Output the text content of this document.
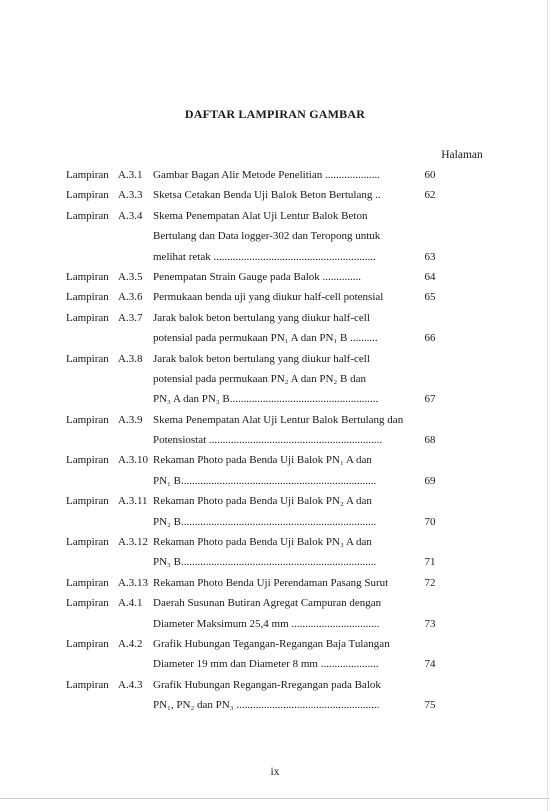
DAFTAR LAMPIRAN GAMBAR
Halaman
Lampiran A.3.1 Gambar Bagan Alir Metode Penelitian ....................	60
Lampiran A.3.3 Sketsa Cetakan Benda Uji Balok Beton Bertulang ..	62
Lampiran A.3.4 Skema Penempatan Alat Uji Lentur Balok Beton
Bertulang dan Data logger-302 dan Teropong untuk
melihat retak ...........................................................	63
Lampiran A.3.5 Penempatan Strain Gauge pada Balok ..............	64
Lampiran A.3.6 Permukaan benda uji yang diukur half-cell potensial	65
Lampiran A.3.7 Jarak balok beton bertulang yang diukur half-cell
potensial pada permukaan PN₁ A dan PN₁ B ..........	66
Lampiran A.3.8 Jarak balok beton bertulang yang diukur half-cell
potensial pada permukaan PN₂ A dan PN₂ B dan
PN₃ A dan PN₃ B......................................................	67
Lampiran A.3.9 Skema Penempatan Alat Uji Lentur Balok Bertulang dan
Potensiostat ...............................................................	68
Lampiran A.3.10 Rekaman Photo pada Benda Uji Balok PN₁ A dan
PN₁ B.......................................................................	69
Lampiran A.3.11 Rekaman Photo pada Benda Uji Balok PN₂ A dan
PN₂ B.......................................................................	70
Lampiran A.3.12 Rekaman Photo pada Benda Uji Balok PN₃ A dan
PN₃ B.......................................................................	71
Lampiran A.3.13 Rekaman Photo Benda Uji Perendaman Pasang Surut	72
Lampiran A.4.1 Daerah Susunan Butiran Agregat Campuran dengan
Diameter Maksimum 25,4 mm ................................	73
Lampiran A.4.2 Grafik Hubungan Tegangan-Regangan Baja Tulangan
Diameter 19 mm dan Diameter 8 mm .....................	74
Lampiran A.4.3 Grafik Hubungan Regangan-Rregangan pada Balok
PN₁, PN₂ dan PN₃ ....................................................	75
ix
